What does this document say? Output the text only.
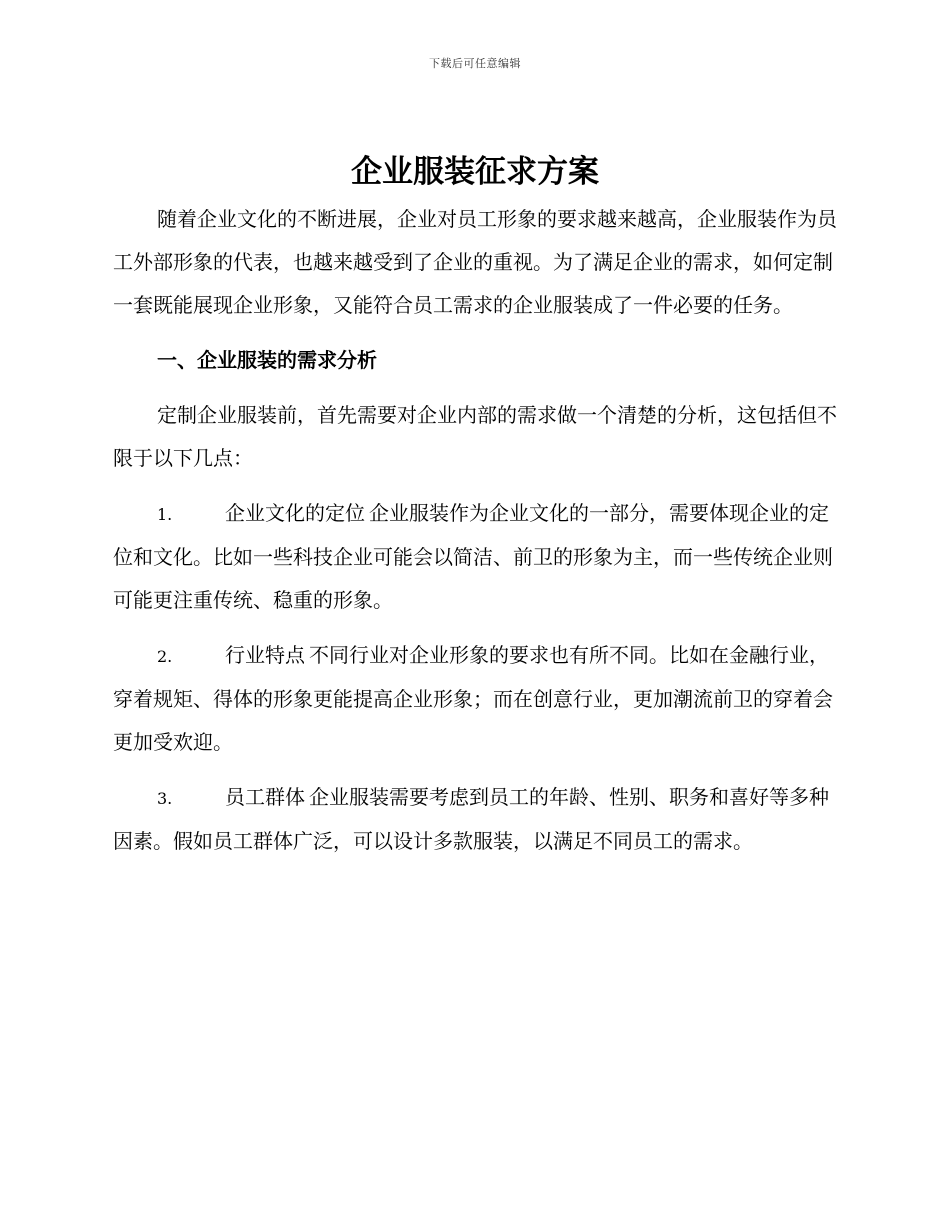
下载后可任意编辑
企业服装征求方案

随着企业文化的不断进展，企业对员工形象的要求越来越高，企业服装作为员工外部形象的代表，也越来越受到了企业的重视。为了满足企业的需求，如何定制一套既能展现企业形象，又能符合员工需求的企业服装成了一件必要的任务。

一、企业服装的需求分析

定制企业服装前，首先需要对企业内部的需求做一个清楚的分析，这包括但不限于以下几点：

1.	企业文化的定位 企业服装作为企业文化的一部分，需要体现企业的定位和文化。比如一些科技企业可能会以简洁、前卫的形象为主，而一些传统企业则可能更注重传统、稳重的形象。

2.	行业特点 不同行业对企业形象的要求也有所不同。比如在金融行业，穿着规矩、得体的形象更能提高企业形象；而在创意行业，更加潮流前卫的穿着会更加受欢迎。

3.	员工群体 企业服装需要考虑到员工的年龄、性别、职务和喜好等多种因素。假如员工群体广泛，可以设计多款服装，以满足不同员工的需求。
